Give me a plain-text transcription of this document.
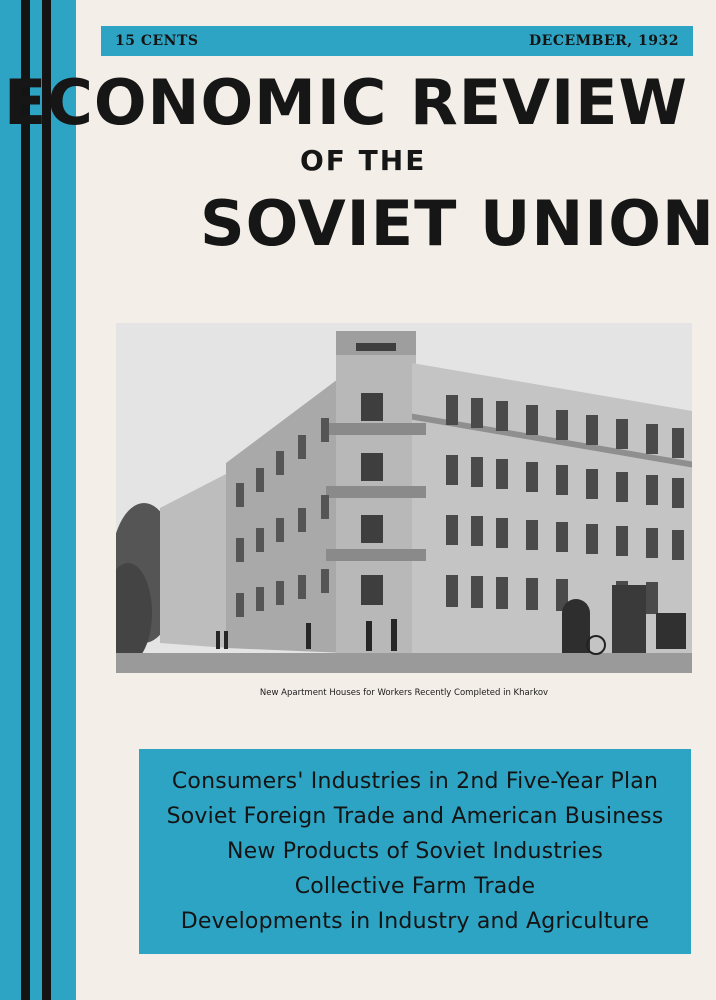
15 CENTS	DECEMBER, 1932
ECONOMIC REVIEW
OF THE
SOVIET UNION
New Apartment Houses for Workers Recently Completed in Kharkov
Consumers' Industries in 2nd Five-Year Plan
Soviet Foreign Trade and American Business
New Products of Soviet Industries
Collective Farm Trade
Developments in Industry and Agriculture
